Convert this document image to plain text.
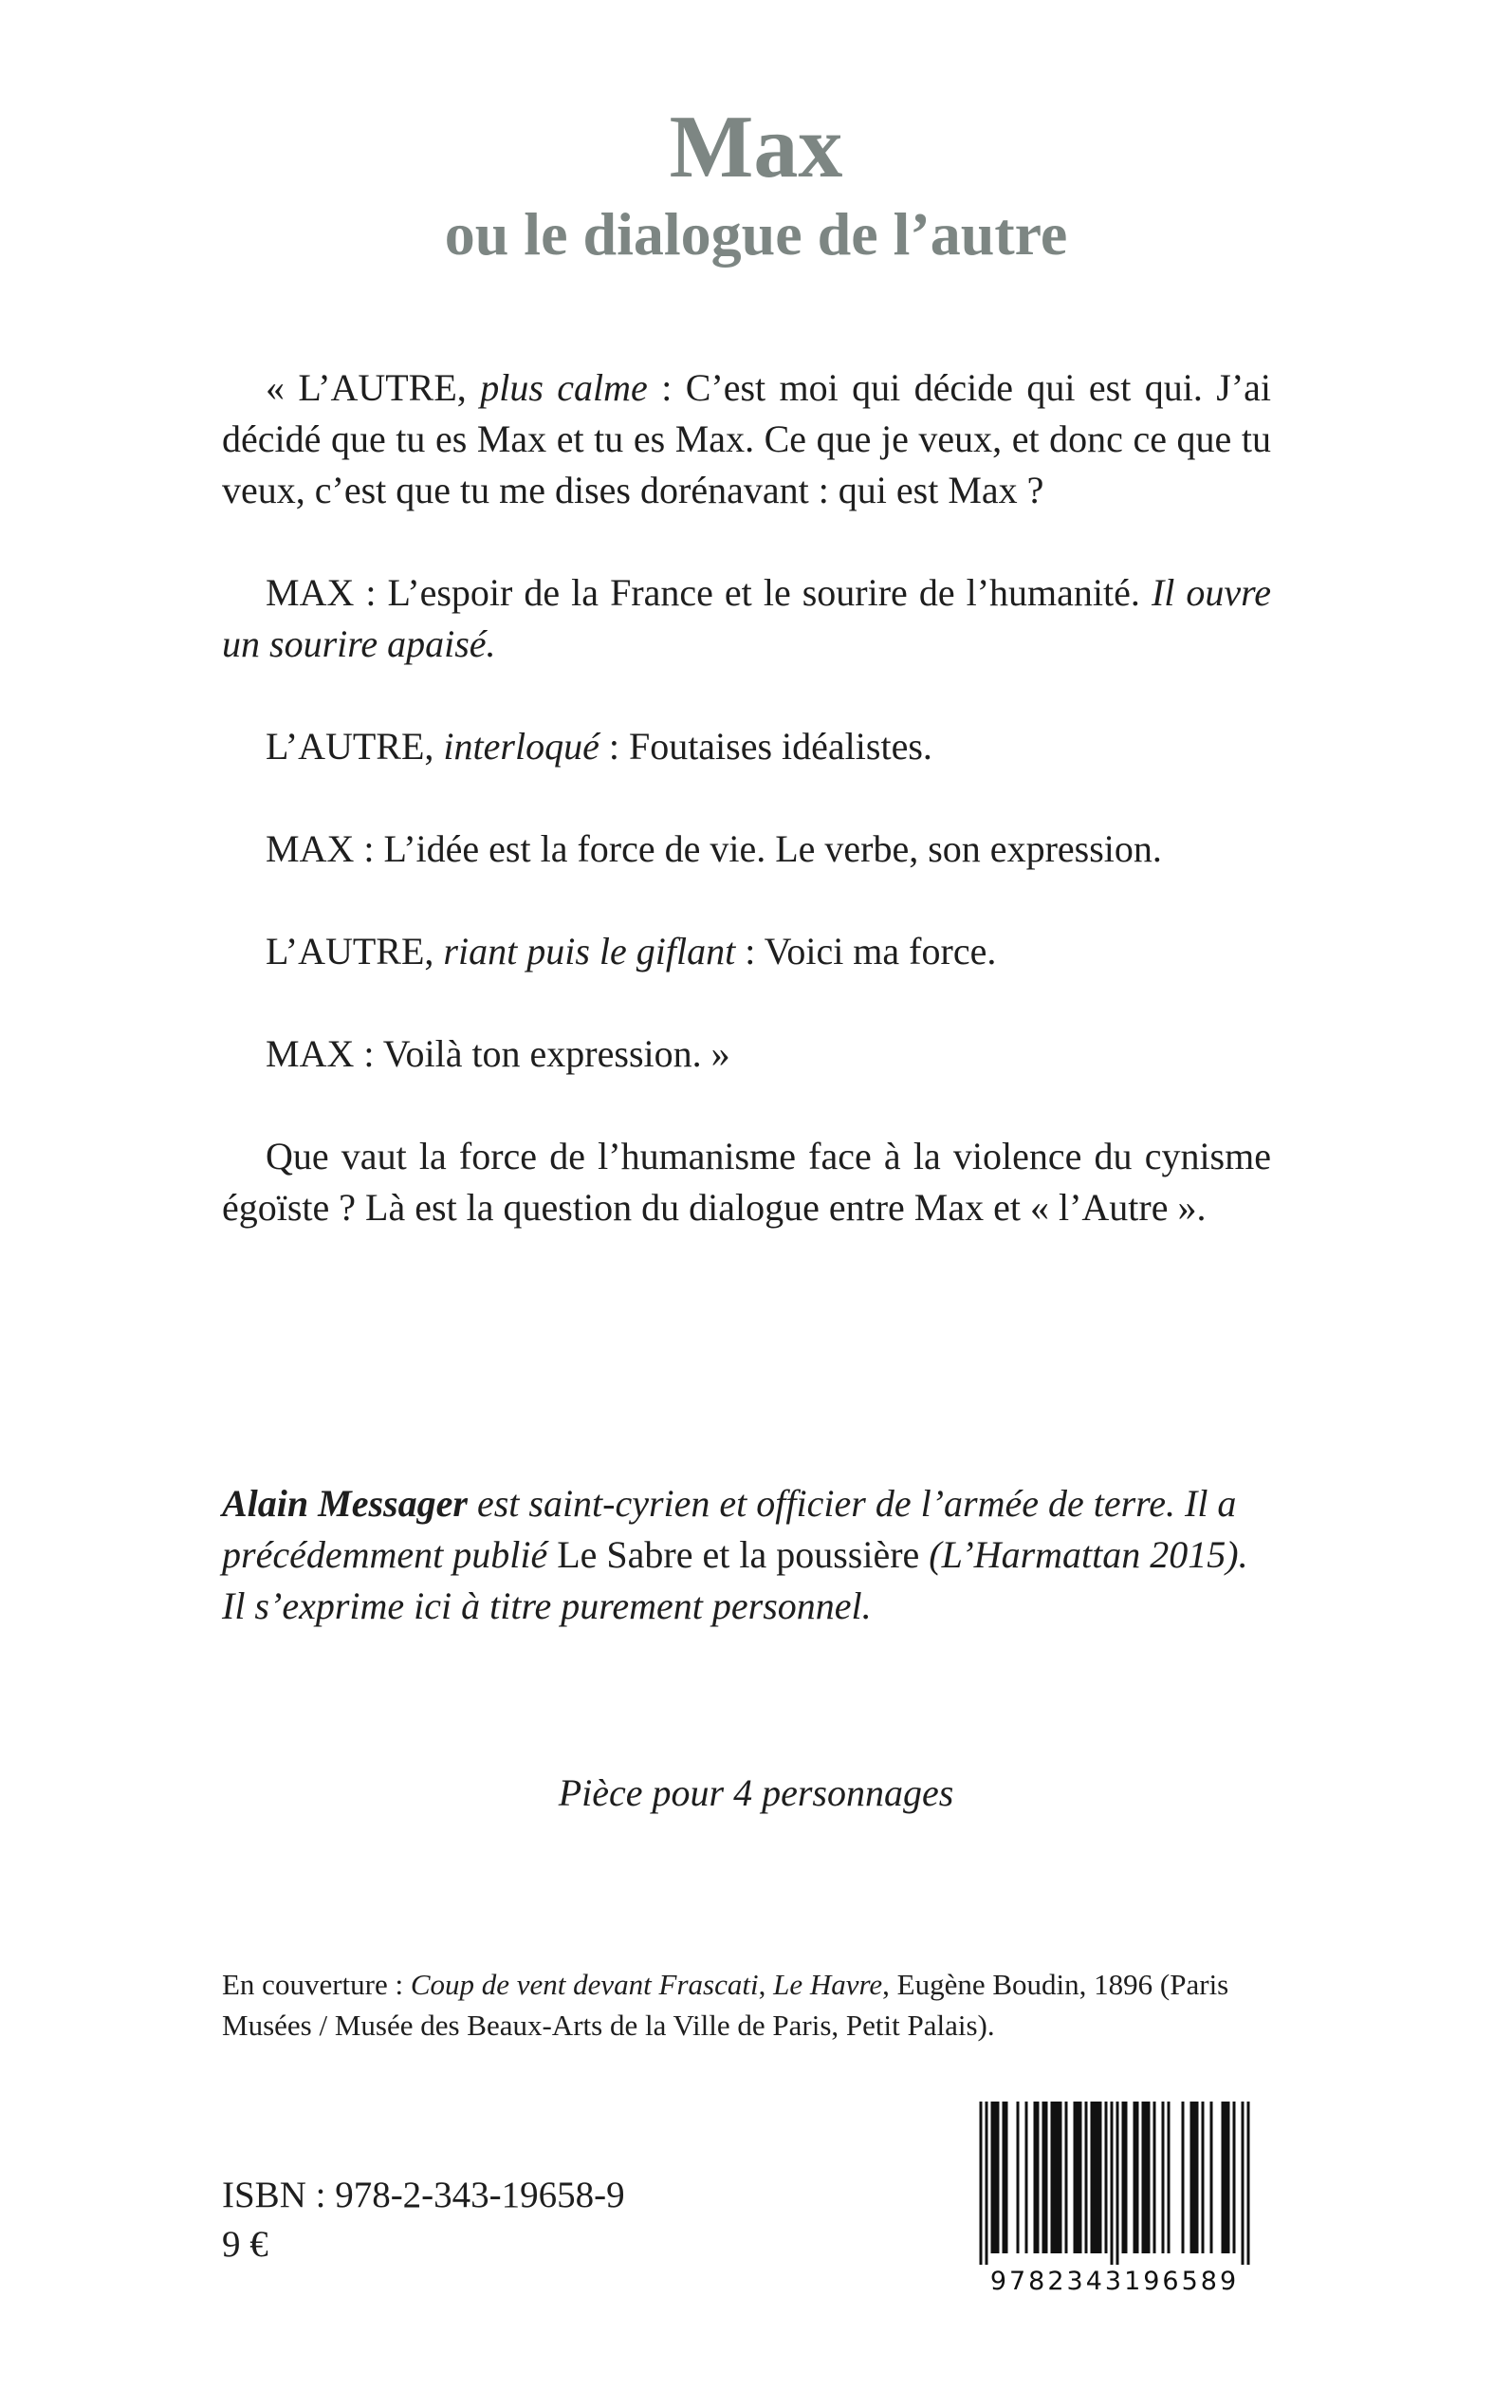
Max
ou le dialogue de l’autre

« L’AUTRE, plus calme : C’est moi qui décide qui est qui. J’ai décidé que tu es Max et tu es Max. Ce que je veux, et donc ce que tu veux, c’est que tu me dises dorénavant : qui est Max ?

MAX : L’espoir de la France et le sourire de l’humanité. Il ouvre un sourire apaisé.

L’AUTRE, interloqué : Foutaises idéalistes.

MAX : L’idée est la force de vie. Le verbe, son expression.

L’AUTRE, riant puis le giflant : Voici ma force.

MAX : Voilà ton expression. »

Que vaut la force de l’humanisme face à la violence du cynisme égoïste ? Là est la question du dialogue entre Max et « l’Autre ».

Alain Messager est saint-cyrien et officier de l’armée de terre. Il a précédemment publié Le Sabre et la poussière (L’Harmattan 2015). Il s’exprime ici à titre purement personnel.

Pièce pour 4 personnages

En couverture : Coup de vent devant Frascati, Le Havre, Eugène Boudin, 1896 (Paris Musées / Musée des Beaux-Arts de la Ville de Paris, Petit Palais).

ISBN : 978-2-343-19658-9

9 €

9782343196589
